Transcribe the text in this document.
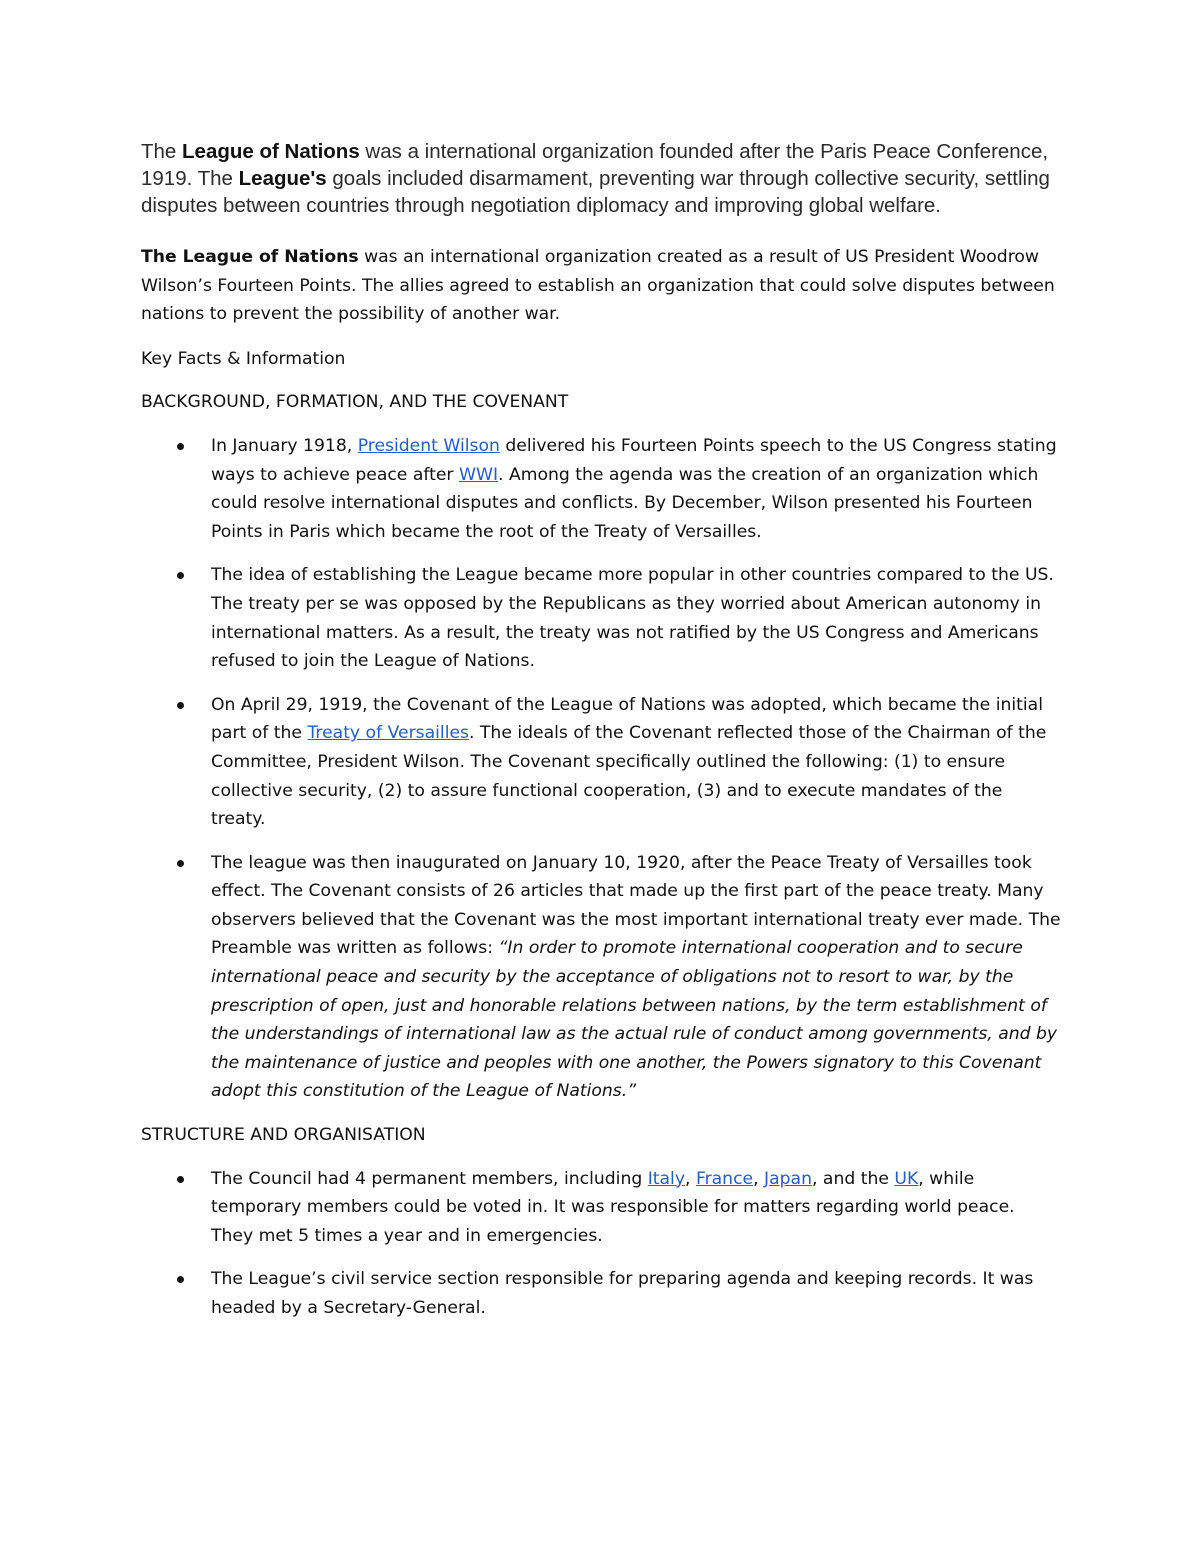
The League of Nations was a international organization founded after the Paris Peace Conference, 1919. The League's goals included disarmament, preventing war through collective security, settling disputes between countries through negotiation diplomacy and improving global welfare.

The League of Nations was an international organization created as a result of US President Woodrow Wilson’s Fourteen Points. The allies agreed to establish an organization that could solve disputes between nations to prevent the possibility of another war.

Key Facts & Information

BACKGROUND, FORMATION, AND THE COVENANT

In January 1918, President Wilson delivered his Fourteen Points speech to the US Congress stating ways to achieve peace after WWI. Among the agenda was the creation of an organization which could resolve international disputes and conflicts. By December, Wilson presented his Fourteen Points in Paris which became the root of the Treaty of Versailles.
The idea of establishing the League became more popular in other countries compared to the US. The treaty per se was opposed by the Republicans as they worried about American autonomy in international matters. As a result, the treaty was not ratified by the US Congress and Americans refused to join the League of Nations.
On April 29, 1919, the Covenant of the League of Nations was adopted, which became the initial part of the Treaty of Versailles. The ideals of the Covenant reflected those of the Chairman of the Committee, President Wilson. The Covenant specifically outlined the following: (1) to ensure collective security, (2) to assure functional cooperation, (3) and to execute mandates of the treaty.
The league was then inaugurated on January 10, 1920, after the Peace Treaty of Versailles took effect. The Covenant consists of 26 articles that made up the first part of the peace treaty. Many observers believed that the Covenant was the most important international treaty ever made. The Preamble was written as follows: “In order to promote international cooperation and to secure international peace and security by the acceptance of obligations not to resort to war, by the prescription of open, just and honorable relations between nations, by the term establishment of the understandings of international law as the actual rule of conduct among governments, and by the maintenance of justice and peoples with one another, the Powers signatory to this Covenant adopt this constitution of the League of Nations.”

STRUCTURE AND ORGANISATION

The Council had 4 permanent members, including Italy, France, Japan, and the UK, while temporary members could be voted in. It was responsible for matters regarding world peace. They met 5 times a year and in emergencies.
The League’s civil service section responsible for preparing agenda and keeping records. It was headed by a Secretary-General.
